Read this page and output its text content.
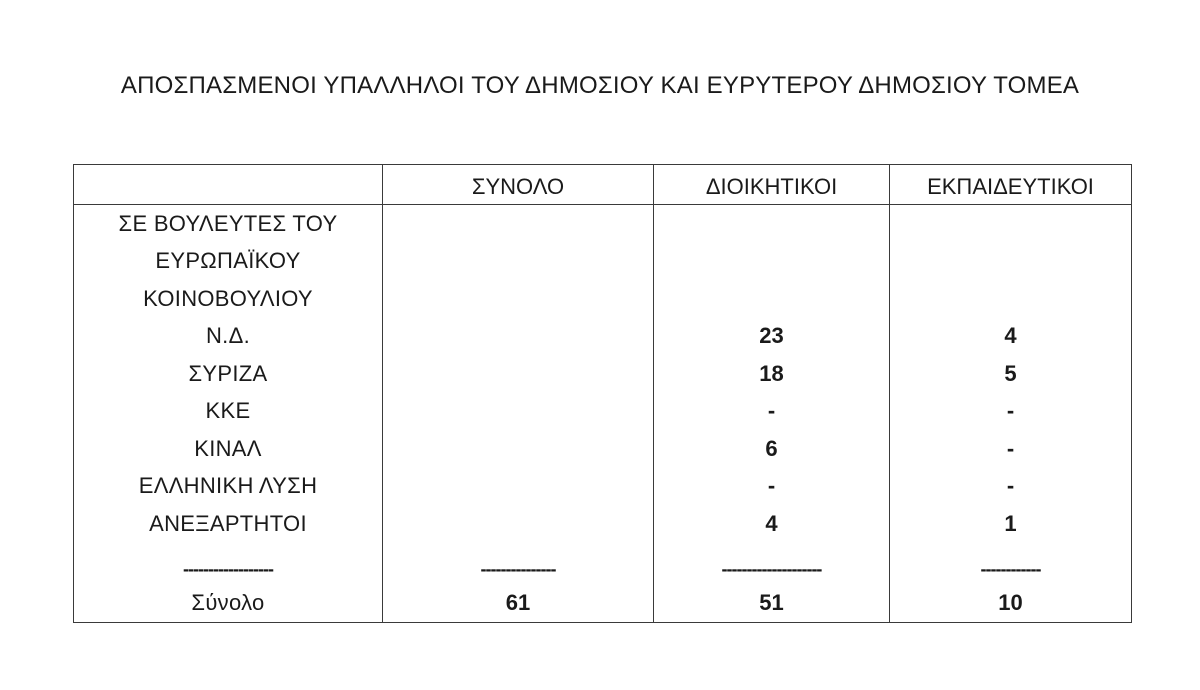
ΑΠΟΣΠΑΣΜΕΝΟΙ ΥΠΑΛΛΗΛΟΙ ΤΟΥ ΔΗΜΟΣΙΟΥ ΚΑΙ ΕΥΡΥΤΕΡΟΥ ΔΗΜΟΣΙΟΥ ΤΟΜΕΑ
	ΣΥΝΟΛΟ	ΔΙΟΙΚΗΤΙΚΟΙ	ΕΚΠΑΙΔΕΥΤΙΚΟΙ
ΣΕ ΒΟΥΛΕΥΤΕΣ ΤΟΥ			
ΕΥΡΩΠΑΪΚΟΥ			
ΚΟΙΝΟΒΟΥΛΙΟΥ			
Ν.Δ.		23	4
ΣΥΡΙΖΑ		18	5
ΚΚΕ		-	-
ΚΙΝΑΛ		6	-
ΕΛΛΗΝΙΚΗ ΛΥΣΗ		-	-
ΑΝΕΞΑΡΤΗΤΟΙ		4	1
------------------	---------------	--------------------	------------
Σύνολο	61	51	10
